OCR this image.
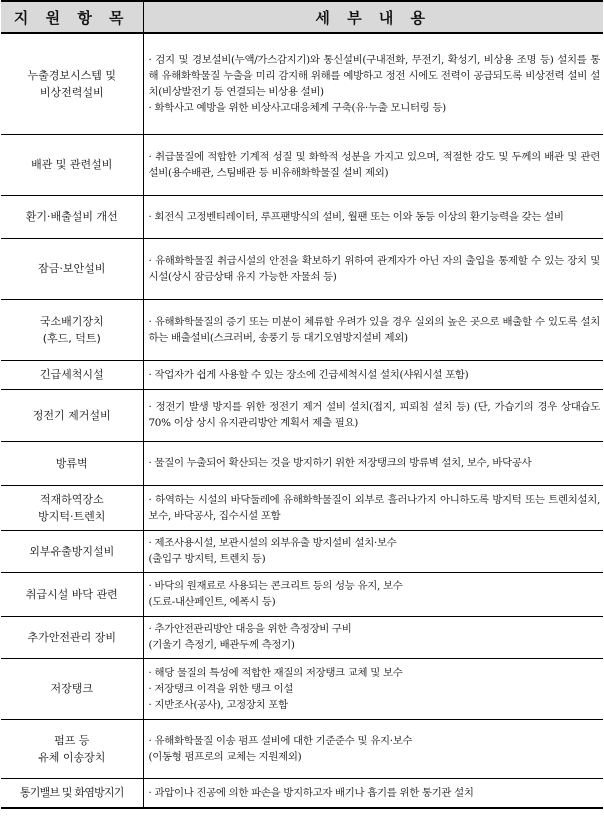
지 원 항 목	세 부 내 용

누출경보시스템 및
비상전력설비	· 검지 및 경보설비(누액/가스감지기)와 통신설비(구내전화, 무전기, 확성기, 비상용 조명 등) 설치를 통해 유해화학물질 누출을 미리 감지해 위해를 예방하고 정전 시에도 전력이 공급되도록 비상전력 설비 설치(비상발전기 등 연결되는 비상용 설비)
· 화학사고 예방을 위한 비상사고대응체계 구축(유·누출 모니터링 등)

배관 및 관련설비	· 취급물질에 적합한 기계적 성질 및 화학적 성분을 가지고 있으며, 적절한 강도 및 두께의 배관 및 관련설비(용수배관, 스팀배관 등 비유해화학물질 설비 제외)

환기·배출설비 개선	· 회전식 고정벤티레이터, 루프팬방식의 설비, 월팬 또는 이와 동등 이상의 환기능력을 갖는 설비

잠금·보안설비	· 유해화학물질 취급시설의 안전을 확보하기 위하여 관계자가 아닌 자의 출입을 통제할 수 있는 장치 및 시설(상시 잠금상태 유지 가능한 자물쇠 등)

국소배기장치
(후드, 덕트)	· 유해화학물질의 증기 또는 미분이 체류할 우려가 있을 경우 실외의 높은 곳으로 배출할 수 있도록 설치하는 배출설비(스크러버, 송풍기 등 대기오염방지설비 제외)

긴급세척시설	· 작업자가 쉽게 사용할 수 있는 장소에 긴급세척시설 설치(샤워시설 포함)

정전기 제거설비	· 정전기 발생 방지를 위한 정전기 제거 설비 설치(접지, 피뢰침 설치 등) (단, 가습기의 경우 상대습도 70% 이상 상시 유지관리방안 계획서 제출 필요)

방류벽	· 물질이 누출되어 확산되는 것을 방지하기 위한 저장탱크의 방류벽 설치, 보수, 바닥공사

적재하역장소
방지턱·트렌치	· 하역하는 시설의 바닥둘레에 유해화학물질이 외부로 흘러나가지 아니하도록 방지턱 또는 트렌치설치, 보수, 바닥공사, 집수시설 포함

외부유출방지설비	· 제조사용시설, 보관시설의 외부유출 방지설비 설치·보수
(출입구 방지턱, 트렌치 등)

취급시설 바닥 관련	· 바닥의 원재료로 사용되는 콘크리트 등의 성능 유지, 보수
(도료-내산페인트, 에폭시 등)

추가안전관리 장비	· 추가안전관리방안 대응을 위한 측정장비 구비
(기울기 측정기, 배관두께 측정기)

저장탱크	· 해당 물질의 특성에 적합한 재질의 저장탱크 교체 및 보수
· 저장탱크 이격을 위한 탱크 이설
· 지반조사(공사), 고정장치 포함

펌프 등
유체 이송장치	· 유해화학물질 이송 펌프 설비에 대한 기준준수 및 유지·보수
(이동형 펌프로의 교체는 지원제외)

통기밸브 및 화염방지기	· 과압이나 진공에 의한 파손을 방지하고자 배기나 흡기를 위한 통기관 설치
